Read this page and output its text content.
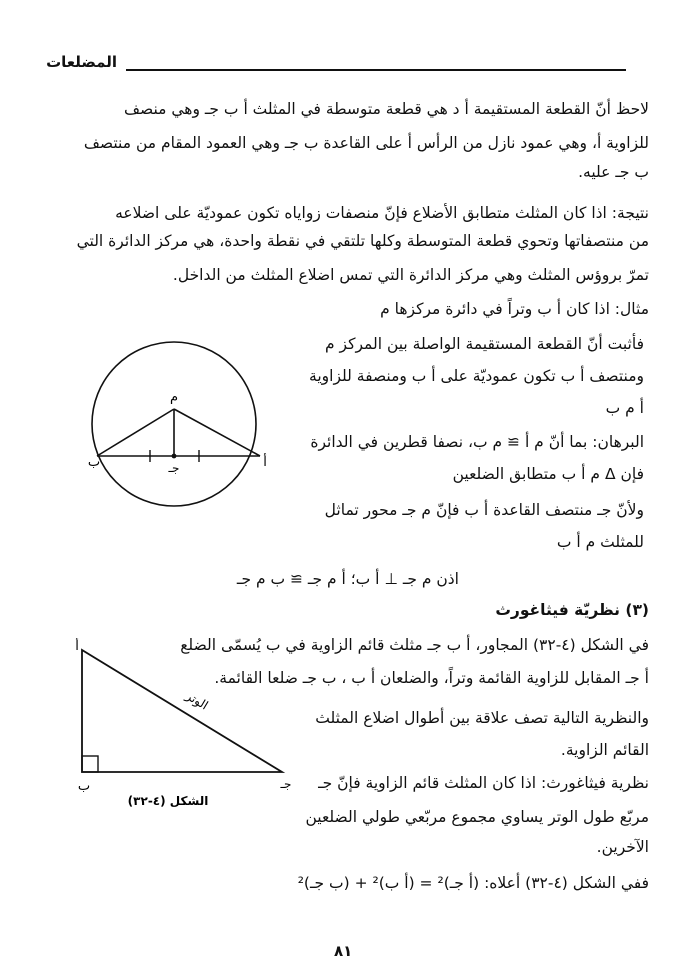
المضلعات
لاحظ أنّ القطعة المستقيمة أ د هي قطعة متوسطة في المثلث أ ب جـ وهي منصف
للزاوية أ، وهي عمود نازل من الرأس أ على القاعدة ب جـ وهي العمود المقام من منتصف
ب جـ عليه.
نتيجة: اذا كان المثلث متطابق الأضلاع فإنّ منصفات زواياه تكون عموديّة على اضلاعه
من منتصفاتها وتحوي قطعة المتوسطة وكلها تلتقي في نقطة واحدة، هي مركز الدائرة التي
تمرّ بروؤس المثلث وهي مركز الدائرة التي تمس اضلاع المثلث من الداخل.
مثال: اذا كان أ ب وتراً في دائرة مركزها م
فأثبت أنّ القطعة المستقيمة الواصلة بين المركز م
ومنتصف أ ب تكون عموديّة على أ ب ومنصفة للزاوية
أ م ب
البرهان: بما أنّ م أ ≅ م ب، نصفا قطرين في الدائرة
فإن Δ م أ ب متطابق الضلعين
ولأنّ جـ منتصف القاعدة أ ب فإنّ م جـ محور تماثل
للمثلث م أ ب
اذن م جـ ⊥ أ ب؛ أ م جـ ≅ ب م جـ
(٣) نظريّة فيثاغورث
في الشكل (٤-٣٢) المجاور، أ ب جـ مثلث قائم الزاوية في ب يُسمّى الضلع
أ جـ المقابل للزاوية القائمة وتراً، والضلعان أ ب ، ب جـ ضلعا القائمة.
والنظرية التالية تصف علاقة بين أطوال اضلاع المثلث
القائم الزاوية.
نظرية فيثاغورث: اذا كان المثلث قائم الزاوية فإنّ جـ
مربّع طول الوتر يساوي مجموع مربّعي طولي الضلعين
الآخرين.
ففي الشكل (٤-٣٢) أعلاه: (أ جـ)² = (أ ب)² + (ب جـ)²
م
أ
ب	جـ
أ
ب	جـ
الوتر
الشكل (٤-٣٢)
٨١
